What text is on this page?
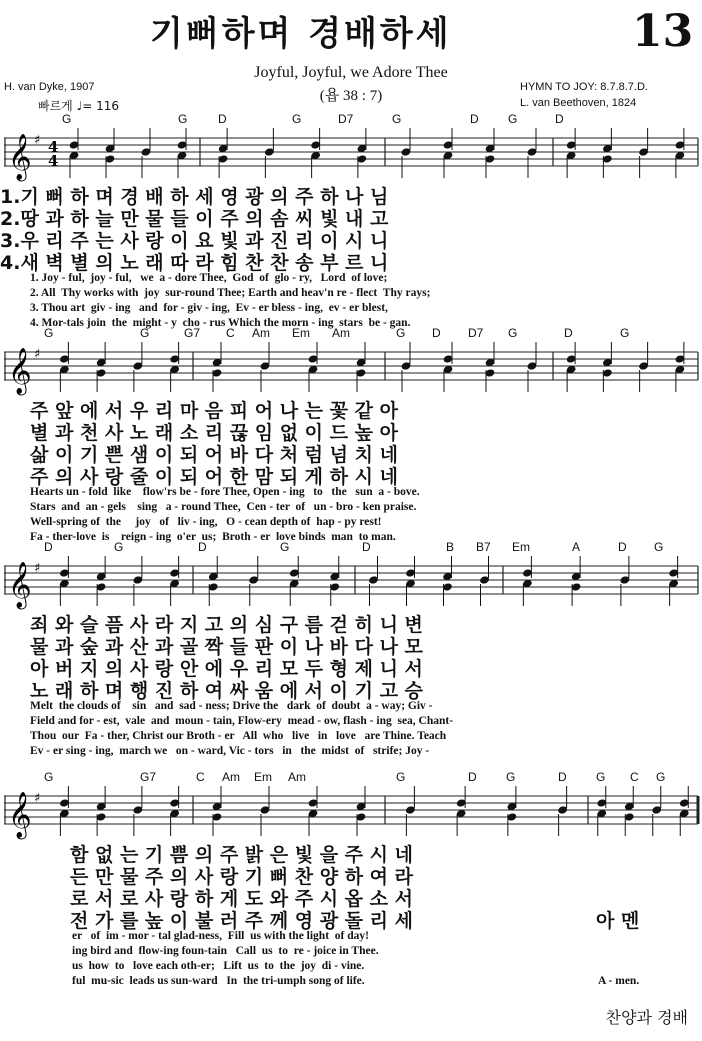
기뻐하며 경배하세	13
Joyful, Joyful, we Adore Thee
(욥 38 : 7)
H. van Dyke, 1907
빠르게 ♩= 116
HYMN TO JOY: 8.7.8.7.D.
L. van Beethoven, 1824
G	G	D	G	D7	G	D G	D
𝄞 ♯ 4
4
1.기 뻐 하 며 경 배 하 세 영 광 의 주 하 나 님
2.땅 과 하 늘 만 물 들 이 주 의 솜 씨 빛 내 고
3.우 리 주 는 사 랑 이 요 빛 과 진 리 이 시 니
4.새 벽 별 의 노 래 따 라 힘 찬 찬 송 부 르 니
1. Joy - ful,  joy - ful,   we  a - dore Thee,  God  of  glo - ry,   Lord  of love;
2. All  Thy works with  joy  sur-round Thee; Earth and heav'n re - flect  Thy rays;
3. Thou art  giv - ing   and  for - giv - ing,  Ev - er bless - ing,  ev - er blest,
4. Mor-tals join  the  might - y  cho - rus Which the morn - ing  stars  be - gan.
G	G	G7 C Am Em Am	G D D7 G	D	G
𝄞 ♯
주 앞 에 서 우 리 마 음 피 어 나 는 꽃 같 아
별 과 천 사 노 래 소 리 끊 임 없 이 드 높 아
삶 이 기 쁜 샘 이 되 어 바 다 처 럼 넘 치 네
주 의 사 랑 줄 이 되 어 한 맘 되 게 하 시 네
Hearts un - fold  like    flow'rs be - fore Thee, Open - ing   to   the   sun  a - bove.
Stars  and  an - gels    sing   a - round Thee,  Cen - ter  of   un - bro - ken praise.
Well-spring of  the     joy   of   liv - ing,   O - cean depth of  hap - py rest!
Fa - ther-love  is    reign - ing  o'er  us;  Broth - er  love binds  man  to man.
D	G	D	G	D	B B7 Em	A	D G
𝄞 ♯
죄 와 슬 픔 사 라 지 고 의 심 구 름 걷 히 니 변
물 과 숲 과 산 과 골 짝 들 판 이 나 바 다 나 모
아 버 지 의 사 랑 안 에 우 리 모 두 형 제 니 서
노 래 하 며 행 진 하 여 싸 움 에 서 이 기 고 승
Melt  the clouds of    sin   and  sad - ness; Drive the   dark  of  doubt  a - way; Giv -
Field and for - est,  vale  and  moun - tain, Flow-ery  mead - ow, flash - ing  sea, Chant-
Thou  our  Fa - ther, Christ our Broth - er   All  who   live   in   love   are Thine. Teach
Ev - er sing - ing,  march we   on - ward, Vic - tors   in   the  midst  of   strife; Joy -
G	G7	C Am Em Am	G	D G	D G C G
𝄞 ♯
함 없 는 기 쁨 의 주 밝 은 빛 을 주 시 네
든 만 물 주 의 사 랑 기 뻐 찬 양 하 여 라
로 서 로 사 랑 하 게 도 와 주 시 옵 소 서
전 가 를 높 이 불 러 주 께 영 광 돌 리 세	아 멘
er   of  im - mor - tal glad-ness,  Fill  us with the light  of day!
ing bird and  flow-ing foun-tain   Call  us  to  re - joice in Thee.
us  how  to   love each oth-er;   Lift  us  to  the  joy  di - vine.
ful  mu-sic  leads us sun-ward   In  the tri-umph song of life.	A - men.
찬양과 경배
